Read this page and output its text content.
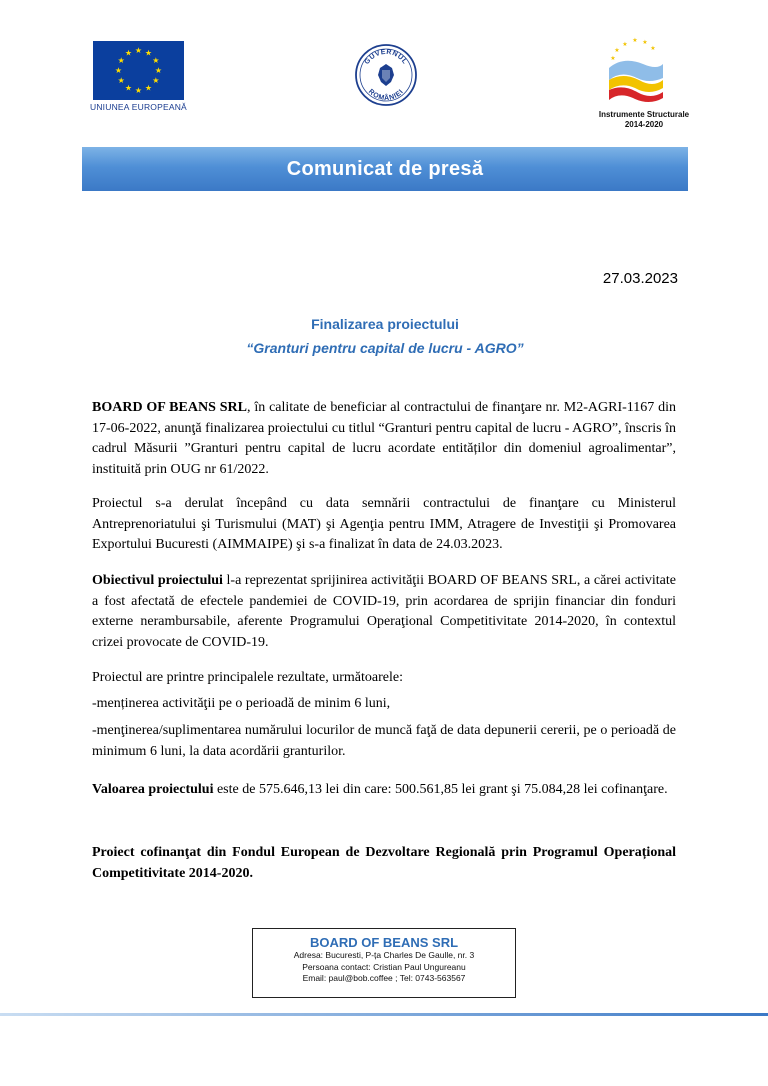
★ ★
★
★
★
★
★
★
★
★
★
★
UNIUNEA EUROPEANĂ
GUVERNUL
ROMÂNIEI
★
★ ★
★
★
★
Instrumente Structurale
2014-2020
Comunicat de presă
27.03.2023
Finalizarea proiectului
“Granturi pentru capital de lucru - AGRO”
BOARD OF BEANS SRL, în calitate de beneficiar al contractului de finanţare nr. M2-AGRI-1167 din 17-06-2022, anunţă finalizarea proiectului cu titlul “Granturi pentru capital de lucru - AGRO”, înscris în cadrul Măsurii ”Granturi pentru capital de lucru acordate entităților din domeniul agroalimentar”, instituită prin OUG nr 61/2022.
Proiectul s-a derulat începând cu data semnării contractului de finanţare cu Ministerul Antreprenoriatului şi Turismului (MAT) şi Agenţia pentru IMM, Atragere de Investiţii şi Promovarea Exportului Bucuresti (AIMMAIPE) şi s-a finalizat în data de 24.03.2023.
Obiectivul proiectului l-a reprezentat sprijinirea activităţii BOARD OF BEANS SRL, a cărei activitate a fost afectată de efectele pandemiei de COVID-19, prin acordarea de sprijin financiar din fonduri externe nerambursabile, aferente Programului Operaţional Competitivitate 2014-2020, în contextul crizei provocate de COVID-19.
Proiectul are printre principalele rezultate, următoarele:
-menținerea activităţii pe o perioadă de minim 6 luni,
-menţinerea/suplimentarea numărului locurilor de muncă faţă de data depunerii cererii, pe o perioadă de minimum 6 luni, la data acordării granturilor.
Valoarea proiectului este de 575.646,13 lei din care: 500.561,85 lei grant şi 75.084,28 lei cofinanţare.
Proiect cofinanţat din Fondul European de Dezvoltare Regională prin Programul Operațional Competitivitate 2014-2020.
BOARD OF BEANS SRL
Adresa: Bucuresti, P-ța Charles De Gaulle, nr. 3
Persoana contact: Cristian Paul Ungureanu
Email: paul@bob.coffee ; Tel: 0743-563567
